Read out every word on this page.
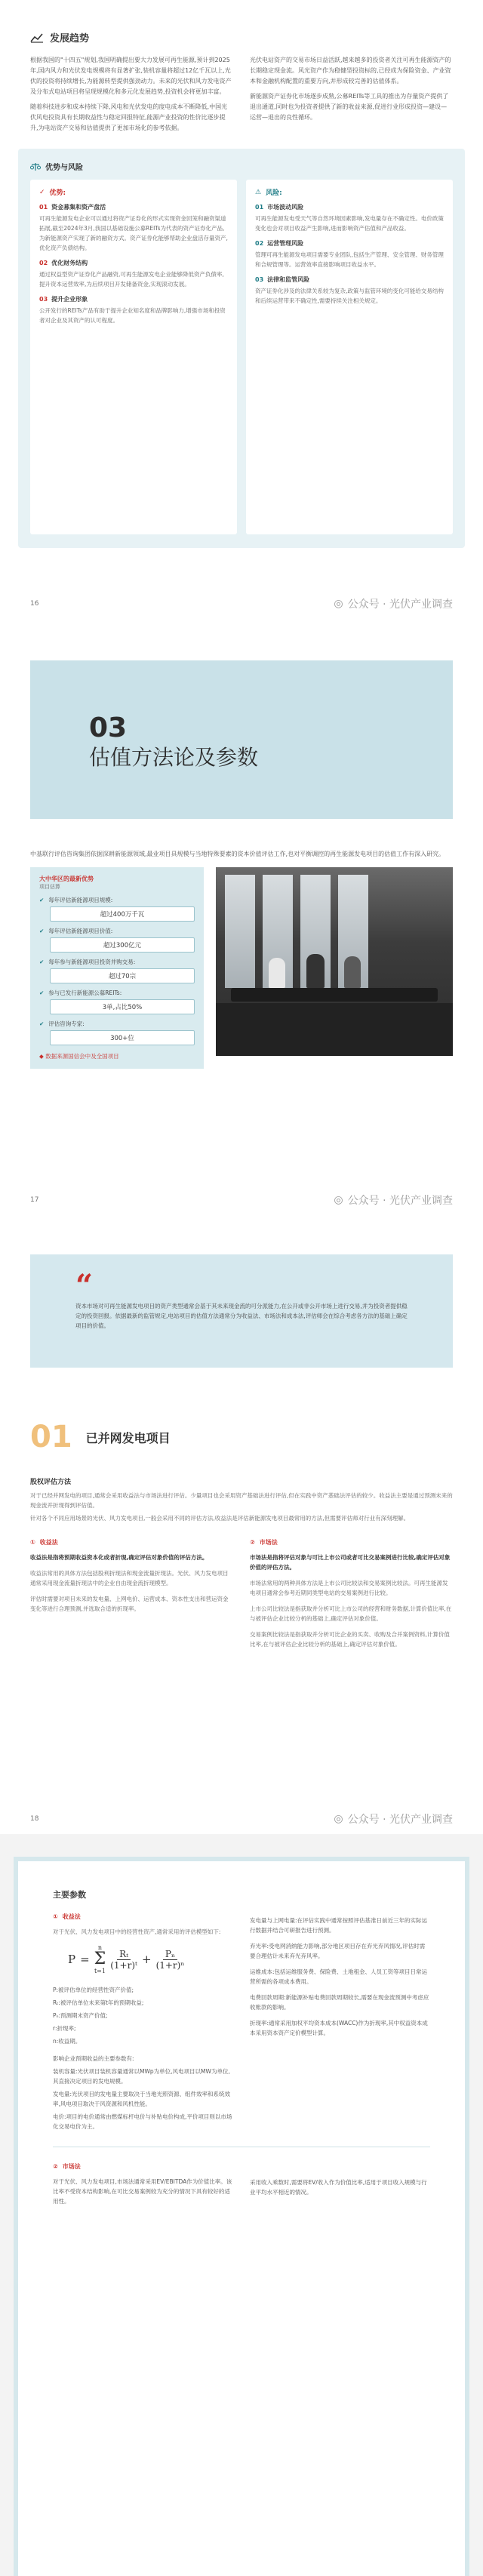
发展趋势

根据我国的"十四五"规划,我国明确提出要大力发展可再生能源,预计到2025年,国内风力和光伏发电规模将有显著扩张,装机容量将超过12亿千瓦以上,光伏的投资将持续增长,为能源转型提供强劲动力。未来的光伏和风力发电资产及分布式电站项目将呈现规模化和多元化发展趋势,投资机会将更加丰富。

随着科技进步和成本持续下降,风电和光伏发电的度电成本不断降低,中国光伏风电投资具有长期收益性与稳定回报特征,能源产业投资的性价比逐步提升,为电站资产交易和估值提供了更加市场化的参考依据。

光伏电站资产的交易市场日益活跃,越来越多的投资者关注可再生能源资产的长期稳定现金流。风光资产作为稳健型投资标的,已经成为保险资金、产业资本和金融机构配置的重要方向,并形成较完善的估值体系。

新能源资产证券化市场逐步成熟,公募REITs等工具的推出为存量资产提供了退出通道,同时也为投资者提供了新的收益来源,促进行业形成投资—建设—运营—退出的良性循环。

优势与风险
✓ 优势:
01 资金募集和资产盘活

可再生能源发电企业可以通过将资产证券化的形式实现资金回笼和融资渠道拓展,截至2024年3月,我国以基础设施公募REITs为代表的资产证券化产品,为新能源资产实现了新的融资方式。资产证券化能够帮助企业盘活存量资产,优化资产负债结构。

02 优化财务结构

通过权益型资产证券化产品融资,可再生能源发电企业能够降低资产负债率,提升资本运营效率,为后续项目开发储备资金,实现滚动发展。

03 提升企业形象

公开发行的REITs产品有助于提升企业知名度和品牌影响力,增强市场和投资者对企业及其资产的认可程度。

⚠ 风险:
01 市场波动风险

可再生能源发电受天气等自然环境因素影响,发电量存在不确定性。电价政策变化也会对项目收益产生影响,进而影响资产估值和产品收益。

02 运营管理风险

管理可再生能源发电项目需要专业团队,包括生产管理、安全管理、财务管理和合规管理等。运营效率直接影响项目收益水平。

03 法律和监管风险

资产证券化涉及的法律关系较为复杂,政策与监管环境的变化可能给交易结构和后续运营带来不确定性,需要持续关注相关规定。

16	◎ 公众号 · 光伏产业调查
03
估值方法论及参数

中基联行评估咨询集团依据深耕新能源领域,最业项目具规模与当地特殊要素的资本价值评估工作,也对平衡调控的再生能源发电项目的估值工作有深入研究。

大中华区的最新优势
项目估算
✔ 每年评估新能源项目规模:
超过400万千瓦
✔ 每年评估新能源项目价值:
超过300亿元
✔ 每年参与新能源项目投资并购交易:
超过70宗
✔ 参与已发行新能源公募REITs:
3单,占比50%
✔ 评估咨询专家:
300+位
◆ 数据来源国信会中及全国项目
17	◎ 公众号 · 光伏产业调查
“

资本市场对可再生能源发电项目的资产类型通常会基于其未来现金流的可分派能力,在公开或非公开市场上进行交易,并为投资者提供稳定的投资回报。依据最新的监管规定,电站项目的估值方法通常分为收益法、市场法和成本法,评估师会在综合考虑各方法的基础上确定项目的价值。

01 已并网发电项目
股权评估方法

对于已经并网发电的项目,通常会采用收益法与市场法进行评估。少量项目也会采用资产基础法进行评估,但在实践中资产基础法评估的较少。收益法主要是通过预测未来的现金流并折现得到评估值。

针对各个不同应用场景的光伏、风力发电项目,一般会采用不同的评估方法,收益法是评估新能源发电项目最常用的方法,但需要评估师对行业有深刻理解。

① 收益法

收益法是指将预期收益资本化或者折现,确定评估对象价值的评估方法。

收益法常用的具体方法包括股利折现法和现金流量折现法。光伏、风力发电项目通常采用现金流量折现法中的企业自由现金流折现模型。

评估时需要对项目未来的发电量、上网电价、运营成本、资本性支出和营运资金变化等进行合理预测,并选取合适的折现率。

② 市场法

市场法是指将评估对象与可比上市公司或者可比交易案例进行比较,确定评估对象价值的评估方法。

市场法常用的两种具体方法是上市公司比较法和交易案例比较法。可再生能源发电项目通常会参考近期同类型电站的交易案例进行比较。

上市公司比较法是指获取并分析可比上市公司的经营和财务数据,计算价值比率,在与被评估企业比较分析的基础上,确定评估对象价值。

交易案例比较法是指获取并分析可比企业的买卖、收购及合并案例资料,计算价值比率,在与被评估企业比较分析的基础上,确定评估对象价值。

18	◎ 公众号 · 光伏产业调查
主要参数
① 收益法

对于光伏、风力发电项目中的经营性资产,通常采用的评估模型如下:

P =
n
Σ
t=1
$\frac{\text{Rₜ}}{\text{(1+r)ᵗ}} + \frac{\text{Pₙ}}{\text{(1+r)ⁿ}}$

P:被评估单位的经营性资产价值;

Rₜ:被评估单位未来第t年的预期收益;

Pₙ:预测期末资产价值;

r:折现率;

n:收益期。

影响企业预期收益的主要参数有:

装机容量:光伏项目装机容量通常以MWp为单位,风电项目以MW为单位,其直接决定项目的发电规模。

发电量:光伏项目的发电量主要取决于当地光照资源、组件效率和系统效率,风电项目取决于风资源和风机性能。

电价:项目的电价通常由燃煤标杆电价与补贴电价构成,平价项目则以市场化交易电价为主。

发电量与上网电量:在评估实践中通常按照评估基准日前近三年的实际运行数据并结合可研报告进行预测。

弃光率:受电网消纳能力影响,部分地区项目存在弃光弃风情况,评估时需要合理估计未来弃光弃风率。

运维成本:包括运维服务费、保险费、土地租金、人员工资等项目日常运营所需的各项成本费用。

电费回款周期:新能源补贴电费回款周期较长,需要在现金流预测中考虑应收账款的影响。

折现率:通常采用加权平均资本成本(WACC)作为折现率,其中权益资本成本采用资本资产定价模型计算。

② 市场法

对于光伏、风力发电项目,市场法通常采用EV/EBITDA作为价值比率。该比率不受资本结构影响,在可比交易案例较为充分的情况下具有较好的适用性。

采用收入乘数时,需要将EV/收入作为价值比率,适用于项目收入规模与行业平均水平相近的情况。
